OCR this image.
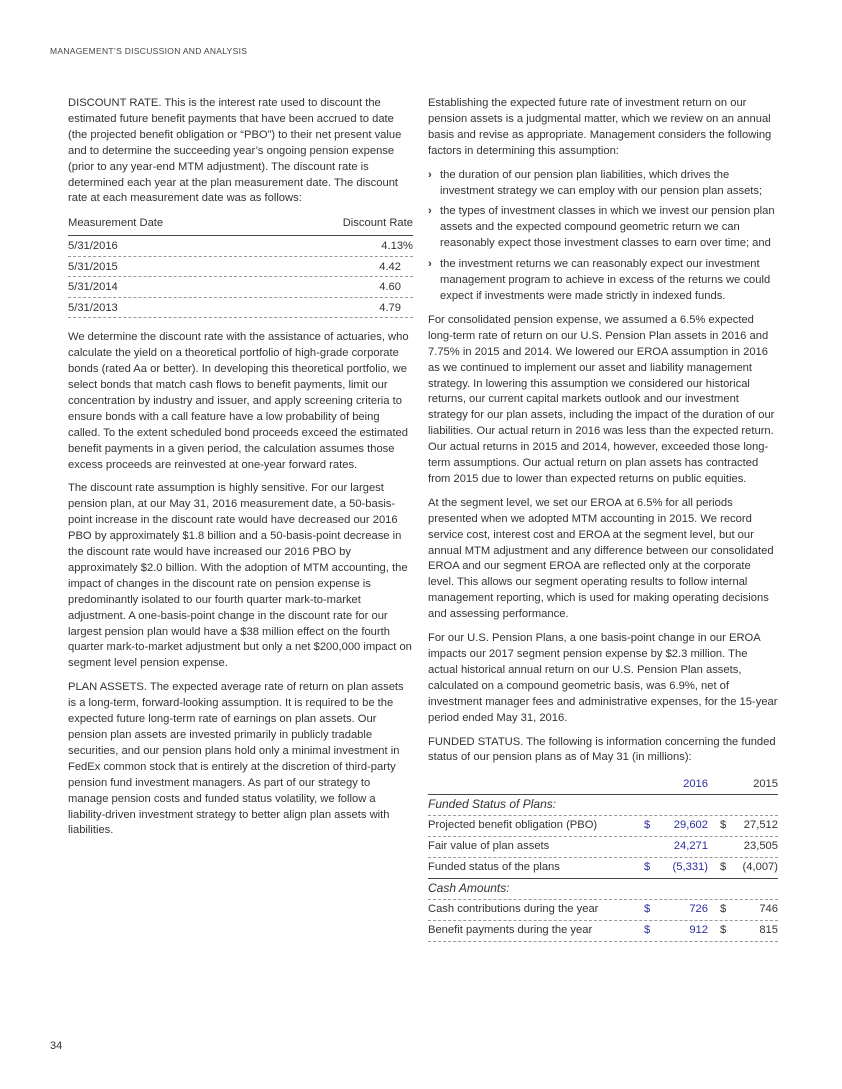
MANAGEMENT’S DISCUSSION AND ANALYSIS

DISCOUNT RATE. This is the interest rate used to discount the estimated future benefit payments that have been accrued to date (the projected benefit obligation or “PBO”) to their net present value and to determine the succeeding year’s ongoing pension expense (prior to any year-end MTM adjustment). The discount rate is determined each year at the plan measurement date. The discount rate at each measurement date was as follows:

Measurement Date	Discount Rate
5/31/2016	4.13%
5/31/2015	4.42
5/31/2014	4.60
5/31/2013	4.79

We determine the discount rate with the assistance of actuaries, who calculate the yield on a theoretical portfolio of high-grade corporate bonds (rated Aa or better). In developing this theoretical portfolio, we select bonds that match cash flows to benefit payments, limit our concentration by industry and issuer, and apply screening criteria to ensure bonds with a call feature have a low probability of being called. To the extent scheduled bond proceeds exceed the estimated benefit payments in a given period, the calculation assumes those excess proceeds are reinvested at one-year forward rates.

The discount rate assumption is highly sensitive. For our largest pension plan, at our May 31, 2016 measurement date, a 50-basis-point increase in the discount rate would have decreased our 2016 PBO by approximately $1.8 billion and a 50-basis-point decrease in the discount rate would have increased our 2016 PBO by approximately $2.0 billion. With the adoption of MTM accounting, the impact of changes in the discount rate on pension expense is predominantly isolated to our fourth quarter mark-to-market adjustment. A one-basis-point change in the discount rate for our largest pension plan would have a $38 million effect on the fourth quarter mark-to-market adjustment but only a net $200,000 impact on segment level pension expense.

PLAN ASSETS. The expected average rate of return on plan assets is a long-term, forward-looking assumption. It is required to be the expected future long-term rate of earnings on plan assets. Our pension plan assets are invested primarily in publicly tradable securities, and our pension plans hold only a minimal investment in FedEx common stock that is entirely at the discretion of third-party pension fund investment managers. As part of our strategy to manage pension costs and funded status volatility, we follow a liability-driven investment strategy to better align plan assets with liabilities.

Establishing the expected future rate of investment return on our pension assets is a judgmental matter, which we review on an annual basis and revise as appropriate. Management considers the following factors in determining this assumption:

› the duration of our pension plan liabilities, which drives the investment strategy we can employ with our pension plan assets;
› the types of investment classes in which we invest our pension plan assets and the expected compound geometric return we can reasonably expect those investment classes to earn over time; and
› the investment returns we can reasonably expect our investment management program to achieve in excess of the returns we could expect if investments were made strictly in indexed funds.

For consolidated pension expense, we assumed a 6.5% expected long-term rate of return on our U.S. Pension Plan assets in 2016 and 7.75% in 2015 and 2014. We lowered our EROA assumption in 2016 as we continued to implement our asset and liability management strategy. In lowering this assumption we considered our historical returns, our current capital markets outlook and our investment strategy for our plan assets, including the impact of the duration of our liabilities. Our actual return in 2016 was less than the expected return. Our actual returns in 2015 and 2014, however, exceeded those long-term assumptions. Our actual return on plan assets has contracted from 2015 due to lower than expected returns on public equities.

At the segment level, we set our EROA at 6.5% for all periods presented when we adopted MTM accounting in 2015. We record service cost, interest cost and EROA at the segment level, but our annual MTM adjustment and any difference between our consolidated EROA and our segment EROA are reflected only at the corporate level. This allows our segment operating results to follow internal management reporting, which is used for making operating decisions and assessing performance.

For our U.S. Pension Plans, a one basis-point change in our EROA impacts our 2017 segment pension expense by $2.3 million. The actual historical annual return on our U.S. Pension Plan assets, calculated on a compound geometric basis, was 6.9%, net of investment manager fees and administrative expenses, for the 15-year period ended May 31, 2016.

FUNDED STATUS. The following is information concerning the funded status of our pension plans as of May 31 (in millions):

2016	2015
Funded Status of Plans:
Projected benefit obligation (PBO)	$ 29,602 $ 27,512
Fair value of plan assets	24,271	23,505
Funded status of the plans	$ (5,331) $ (4,007)
Cash Amounts:
Cash contributions during the year	$	726 $	746
Benefit payments during the year	$	912 $	815
34
